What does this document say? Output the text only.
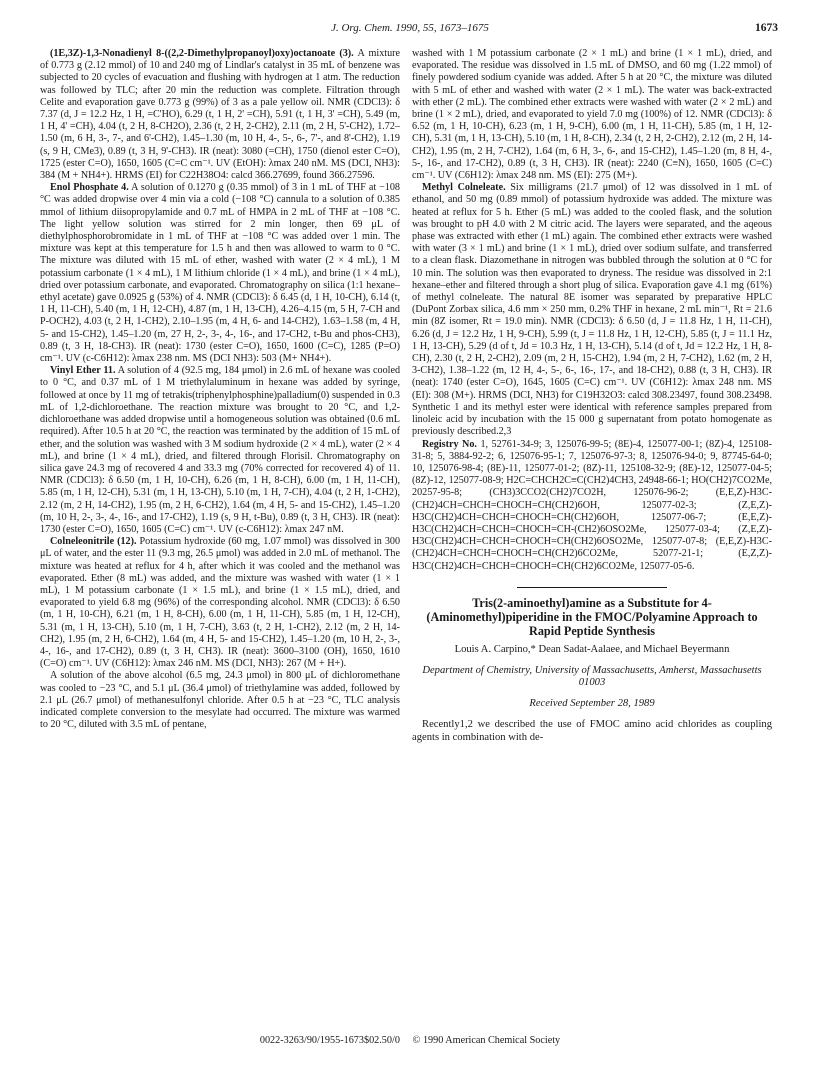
J. Org. Chem. 1990, 55, 1673–1675	1673

(1E,3Z)-1,3-Nonadienyl 8-((2,2-Dimethylpropanoyl)oxy)octanoate (3). A mixture of 0.773 g (2.12 mmol) of 10 and 240 mg of Lindlar's catalyst in 35 mL of benzene was subjected to 20 cycles of evacuation and flushing with hydrogen at 1 atm. The reduction was followed by TLC; after 20 min the reduction was complete. Filtration through Celite and evaporation gave 0.773 g (99%) of 3 as a pale yellow oil. NMR (CDCl3): δ 7.37 (d, J = 12.2 Hz, 1 H, =C'HO), 6.29 (t, 1 H, 2' =CH), 5.91 (t, 1 H, 3' =CH), 5.49 (m, 1 H, 4' =CH), 4.04 (t, 2 H, 8-CH2O), 2.36 (t, 2 H, 2-CH2), 2.11 (m, 2 H, 5'-CH2), 1.72–1.50 (m, 6 H, 3-, 7-, and 6'-CH2), 1.45–1.30 (m, 10 H, 4-, 5-, 6-, 7'-, and 8'-CH2), 1.19 (s, 9 H, CMe3), 0.89 (t, 3 H, 9'-CH3). IR (neat): 3080 (=CH), 1750 (dienol ester C=O), 1725 (ester C=O), 1650, 1605 (C=C cm⁻¹. UV (EtOH): λmax 240 nM. MS (DCI, NH3): 384 (M + NH4+). HRMS (EI) for C22H38O4: calcd 366.27699, found 366.27596.

Enol Phosphate 4. A solution of 0.1270 g (0.35 mmol) of 3 in 1 mL of THF at −108 °C was added dropwise over 4 min via a cold (−108 °C) cannula to a solution of 0.385 mmol of lithium diisopropylamide and 0.7 mL of HMPA in 2 mL of THF at −108 °C. The light yellow solution was stirred for 2 min longer, then 69 μL of diethylphosphorobromidate in 1 mL of THF at −108 °C was added over 1 min. The mixture was kept at this temperature for 1.5 h and then was allowed to warm to 0 °C. The mixture was diluted with 15 mL of ether, washed with water (2 × 4 mL), 1 M potassium carbonate (1 × 4 mL), 1 M lithium chloride (1 × 4 mL), and brine (1 × 4 mL), dried over potassium carbonate, and evaporated. Chromatography on silica (1:1 hexane–ethyl acetate) gave 0.0925 g (53%) of 4. NMR (CDCl3): δ 6.45 (d, 1 H, 10-CH), 6.14 (t, 1 H, 11-CH), 5.40 (m, 1 H, 12-CH), 4.87 (m, 1 H, 13-CH), 4.26–4.15 (m, 5 H, 7-CH and P-OCH2), 4.03 (t, 2 H, 1-CH2), 2.10–1.95 (m, 4 H, 6- and 14-CH2), 1.63–1.58 (m, 4 H, 5- and 15-CH2), 1.45–1.20 (m, 27 H, 2-, 3-, 4-, 16-, and 17-CH2, t-Bu and phos-CH3), 0.89 (t, 3 H, 18-CH3). IR (neat): 1730 (ester C=O), 1650, 1600 (C=C), 1285 (P=O) cm⁻¹. UV (c-C6H12): λmax 238 nm. MS (DCI NH3): 503 (M+ NH4+).

Vinyl Ether 11. A solution of 4 (92.5 mg, 184 μmol) in 2.6 mL of hexane was cooled to 0 °C, and 0.37 mL of 1 M triethylaluminum in hexane was added by syringe, followed at once by 11 mg of tetrakis(triphenylphosphine)palladium(0) suspended in 0.3 mL of 1,2-dichloroethane. The reaction mixture was brought to 20 °C, and 1,2-dichloroethane was added dropwise until a homogeneous solution was obtained (0.6 mL required). After 10.5 h at 20 °C, the reaction was terminated by the addition of 15 mL of ether, and the solution was washed with 3 M sodium hydroxide (2 × 4 mL), water (2 × 4 mL), and brine (1 × 4 mL), dried, and filtered through Florisil. Chromatography on silica gave 24.3 mg of recovered 4 and 33.3 mg (70% corrected for recovered 4) of 11. NMR (CDCl3): δ 6.50 (m, 1 H, 10-CH), 6.26 (m, 1 H, 8-CH), 6.00 (m, 1 H, 11-CH), 5.85 (m, 1 H, 12-CH), 5.31 (m, 1 H, 13-CH), 5.10 (m, 1 H, 7-CH), 4.04 (t, 2 H, 1-CH2), 2.12 (m, 2 H, 14-CH2), 1.95 (m, 2 H, 6-CH2), 1.64 (m, 4 H, 5- and 15-CH2), 1.45–1.20 (m, 10 H, 2-, 3-, 4-, 16-, and 17-CH2), 1.19 (s, 9 H, t-Bu), 0.89 (t, 3 H, CH3). IR (neat): 1730 (ester C=O), 1650, 1605 (C=C) cm⁻¹. UV (c-C6H12): λmax 247 nM.

Colneleonitrile (12). Potassium hydroxide (60 mg, 1.07 mmol) was dissolved in 300 μL of water, and the ester 11 (9.3 mg, 26.5 μmol) was added in 2.0 mL of methanol. The mixture was heated at reflux for 4 h, after which it was cooled and the methanol was evaporated. Ether (8 mL) was added, and the mixture was washed with water (1 × 1 mL), 1 M potassium carbonate (1 × 1.5 mL), and brine (1 × 1.5 mL), dried, and evaporated to yield 6.8 mg (96%) of the corresponding alcohol. NMR (CDCl3): δ 6.50 (m, 1 H, 10-CH), 6.21 (m, 1 H, 8-CH), 6.00 (m, 1 H, 11-CH), 5.85 (m, 1 H, 12-CH), 5.31 (m, 1 H, 13-CH), 5.10 (m, 1 H, 7-CH), 3.63 (t, 2 H, 1-CH2), 2.12 (m, 2 H, 14-CH2), 1.95 (m, 2 H, 6-CH2), 1.64 (m, 4 H, 5- and 15-CH2), 1.45–1.20 (m, 10 H, 2-, 3-, 4-, 16-, and 17-CH2), 0.89 (t, 3 H, CH3). IR (neat): 3600–3100 (OH), 1650, 1610 (C=O) cm⁻¹. UV (C6H12): λmax 246 nM. MS (DCI, NH3): 267 (M + H+).

A solution of the above alcohol (6.5 mg, 24.3 μmol) in 800 μL of dichloromethane was cooled to −23 °C, and 5.1 μL (36.4 μmol) of triethylamine was added, followed by 2.1 μL (26.7 μmol) of methanesulfonyl chloride. After 0.5 h at −23 °C, TLC analysis indicated complete conversion to the mesylate had occurred. The mixture was warmed to 20 °C, diluted with 3.5 mL of pentane,

washed with 1 M potassium carbonate (2 × 1 mL) and brine (1 × 1 mL), dried, and evaporated. The residue was dissolved in 1.5 mL of DMSO, and 60 mg (1.22 mmol) of finely powdered sodium cyanide was added. After 5 h at 20 °C, the mixture was diluted with 5 mL of ether and washed with water (2 × 1 mL). The water was back-extracted with ether (2 mL). The combined ether extracts were washed with water (2 × 2 mL) and brine (1 × 2 mL), dried, and evaporated to yield 7.0 mg (100%) of 12. NMR (CDCl3): δ 6.52 (m, 1 H, 10-CH), 6.23 (m, 1 H, 9-CH), 6.00 (m, 1 H, 11-CH), 5.85 (m, 1 H, 12-CH), 5.31 (m, 1 H, 13-CH), 5.10 (m, 1 H, 8-CH), 2.34 (t, 2 H, 2-CH2), 2.12 (m, 2 H, 14-CH2), 1.95 (m, 2 H, 7-CH2), 1.64 (m, 6 H, 3-, 6-, and 15-CH2), 1.45–1.20 (m, 8 H, 4-, 5-, 16-, and 17-CH2), 0.89 (t, 3 H, CH3). IR (neat): 2240 (C≡N), 1650, 1605 (C=C) cm⁻¹. UV (C6H12): λmax 248 nm. MS (EI): 275 (M+).

Methyl Colneleate. Six milligrams (21.7 μmol) of 12 was dissolved in 1 mL of ethanol, and 50 mg (0.89 mmol) of potassium hydroxide was added. The mixture was heated at reflux for 5 h. Ether (5 mL) was added to the cooled flask, and the solution was brought to pH 4.0 with 2 M citric acid. The layers were separated, and the aqeous phase was extracted with ether (1 mL) again. The combined ether extracts were washed with water (3 × 1 mL) and brine (1 × 1 mL), dried over sodium sulfate, and transferred to a clean flask. Diazomethane in nitrogen was bubbled through the solution at 0 °C for 10 min. The solution was then evaporated to dryness. The residue was dissolved in 2:1 hexane–ether and filtered through a short plug of silica. Evaporation gave 4.1 mg (61%) of methyl colneleate. The natural 8E isomer was separated by preparative HPLC (DuPont Zorbax silica, 4.6 mm × 250 mm, 0.2% THF in hexane, 2 mL min⁻¹, Rt = 21.6 min (8Z isomer, Rt = 19.0 min). NMR (CDCl3): δ 6.50 (d, J = 11.8 Hz, 1 H, 11-CH), 6.26 (d, J = 12.2 Hz, 1 H, 9-CH), 5.99 (t, J = 11.8 Hz, 1 H, 12-CH), 5.85 (t, J = 11.1 Hz, 1 H, 13-CH), 5.29 (d of t, Jd = 10.3 Hz, 1 H, 13-CH), 5.14 (d of t, Jd = 12.2 Hz, 1 H, 8-CH), 2.30 (t, 2 H, 2-CH2), 2.09 (m, 2 H, 15-CH2), 1.94 (m, 2 H, 7-CH2), 1.62 (m, 2 H, 3-CH2), 1.38–1.22 (m, 12 H, 4-, 5-, 6-, 16-, 17-, and 18-CH2), 0.88 (t, 3 H, CH3). IR (neat): 1740 (ester C=O), 1645, 1605 (C=C) cm⁻¹. UV (C6H12): λmax 248 nm. MS (EI): 308 (M+). HRMS (DCI, NH3) for C19H32O3: calcd 308.23497, found 308.23498. Synthetic 1 and its methyl ester were identical with reference samples prepared from linoleic acid by incubation with the 15 000 g supernatant from potato homogenate as previously described.2,3

Registry No. 1, 52761-34-9; 3, 125076-99-5; (8E)-4, 125077-00-1; (8Z)-4, 125108-31-8; 5, 3884-92-2; 6, 125076-95-1; 7, 125076-97-3; 8, 125076-94-0; 9, 87745-64-0; 10, 125076-98-4; (8E)-11, 125077-01-2; (8Z)-11, 125108-32-9; (8E)-12, 125077-04-5; (8Z)-12, 125077-08-9; H2C=CHCH2C≡C(CH2)4CH3, 24948-66-1; HO(CH2)7CO2Me, 20257-95-8; (CH3)3CCO2(CH2)7CO2H, 125076-96-2; (E,E,Z)-H3C-(CH2)4CH=CHCH=CHOCH=CH(CH2)6OH, 125077-02-3; (Z,E,Z)-H3C(CH2)4CH=CHCH=CHOCH=CH(CH2)6OH, 125077-06-7; (E,E,Z)-H3C(CH2)4CH=CHCH=CHOCH=CH-(CH2)6OSO2Me, 125077-03-4; (Z,E,Z)-H3C(CH2)4CH=CHCH=CHOCH=CH(CH2)6OSO2Me, 125077-07-8; (E,E,Z)-H3C-(CH2)4CH=CHCH=CHOCH=CH(CH2)6CO2Me, 52077-21-1; (E,Z,Z)-H3C(CH2)4CH=CHCH=CHOCH=CH(CH2)6CO2Me, 125077-05-6.

Tris(2-aminoethyl)amine as a Substitute for 4-(Aminomethyl)piperidine in the FMOC/Polyamine Approach to Rapid Peptide Synthesis
Louis A. Carpino,* Dean Sadat-Aalaee, and Michael Beyermann
Department of Chemistry, University of Massachusetts, Amherst, Massachusetts 01003
Received September 28, 1989

Recently1,2 we described the use of FMOC amino acid chlorides as coupling agents in combination with de-

0022-3263/90/1955-1673$02.50/0 © 1990 American Chemical Society
